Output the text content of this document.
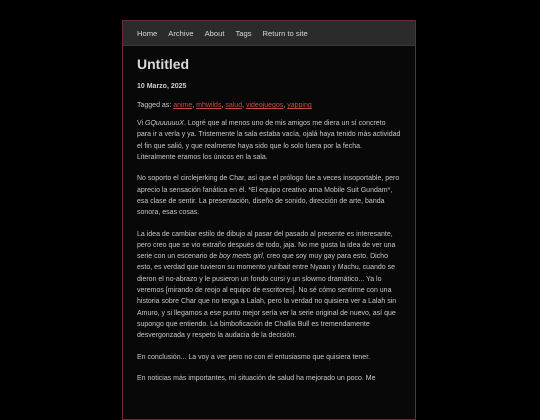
Home Archive About Tags Return to site
Untitled
10 Marzo, 2025
Tagged as: anime, mhwilds, salud, videojuegos, yapping

Vi GQuuuuuuX. Logré que al menos uno de mis amigos me diera un sí concreto para ir a verla y ya. Tristemente la sala estaba vacía, ojalá haya tenido más actividad el fin que salió, y que realmente haya sido que lo solo fuera por la fecha. Literalmente eramos los únicos en la sala.

No soporto el circlejerking de Char, así que el prólogo fue a veces insoportable, pero aprecio la sensación fanática en él. *El equipo creativo ama Mobile Suit Gundam*, esa clase de sentir. La presentación, diseño de sonido, dirección de arte, banda sonora, esas cosas.

La idea de cambiar estilo de dibujo al pasar del pasado al presente es interesante, pero creo que se vio extraño después de todo, jaja. No me gusta la idea de ver una serie con un escenario de boy meets girl, creo que soy muy gay para esto. Dicho esto, es verdad que tuvieron su momento yuribait entre Nyaan y Machu, cuando se dieron el no-abrazo y le pusieron un fondo cursi y un slowmo dramático... Ya lo veremos [mirando de reojo al equipo de escritores]. No sé cómo sentirme con una historia sobre Char que no tenga a Lalah, pero la verdad no quisiera ver a Lalah sin Amuro, y si llegamos a ese punto mejor sería ver la serie original de nuevo, así que supongo que entiendo. La bimboficación de Challia Bull es tremendamente desvergonzada y respeto la audacia de la decisión.

En conclusión... La voy a ver pero no con el entusiasmo que quisiera tener.

En noticias más importantes, mi situación de salud ha mejorado un poco. Me
